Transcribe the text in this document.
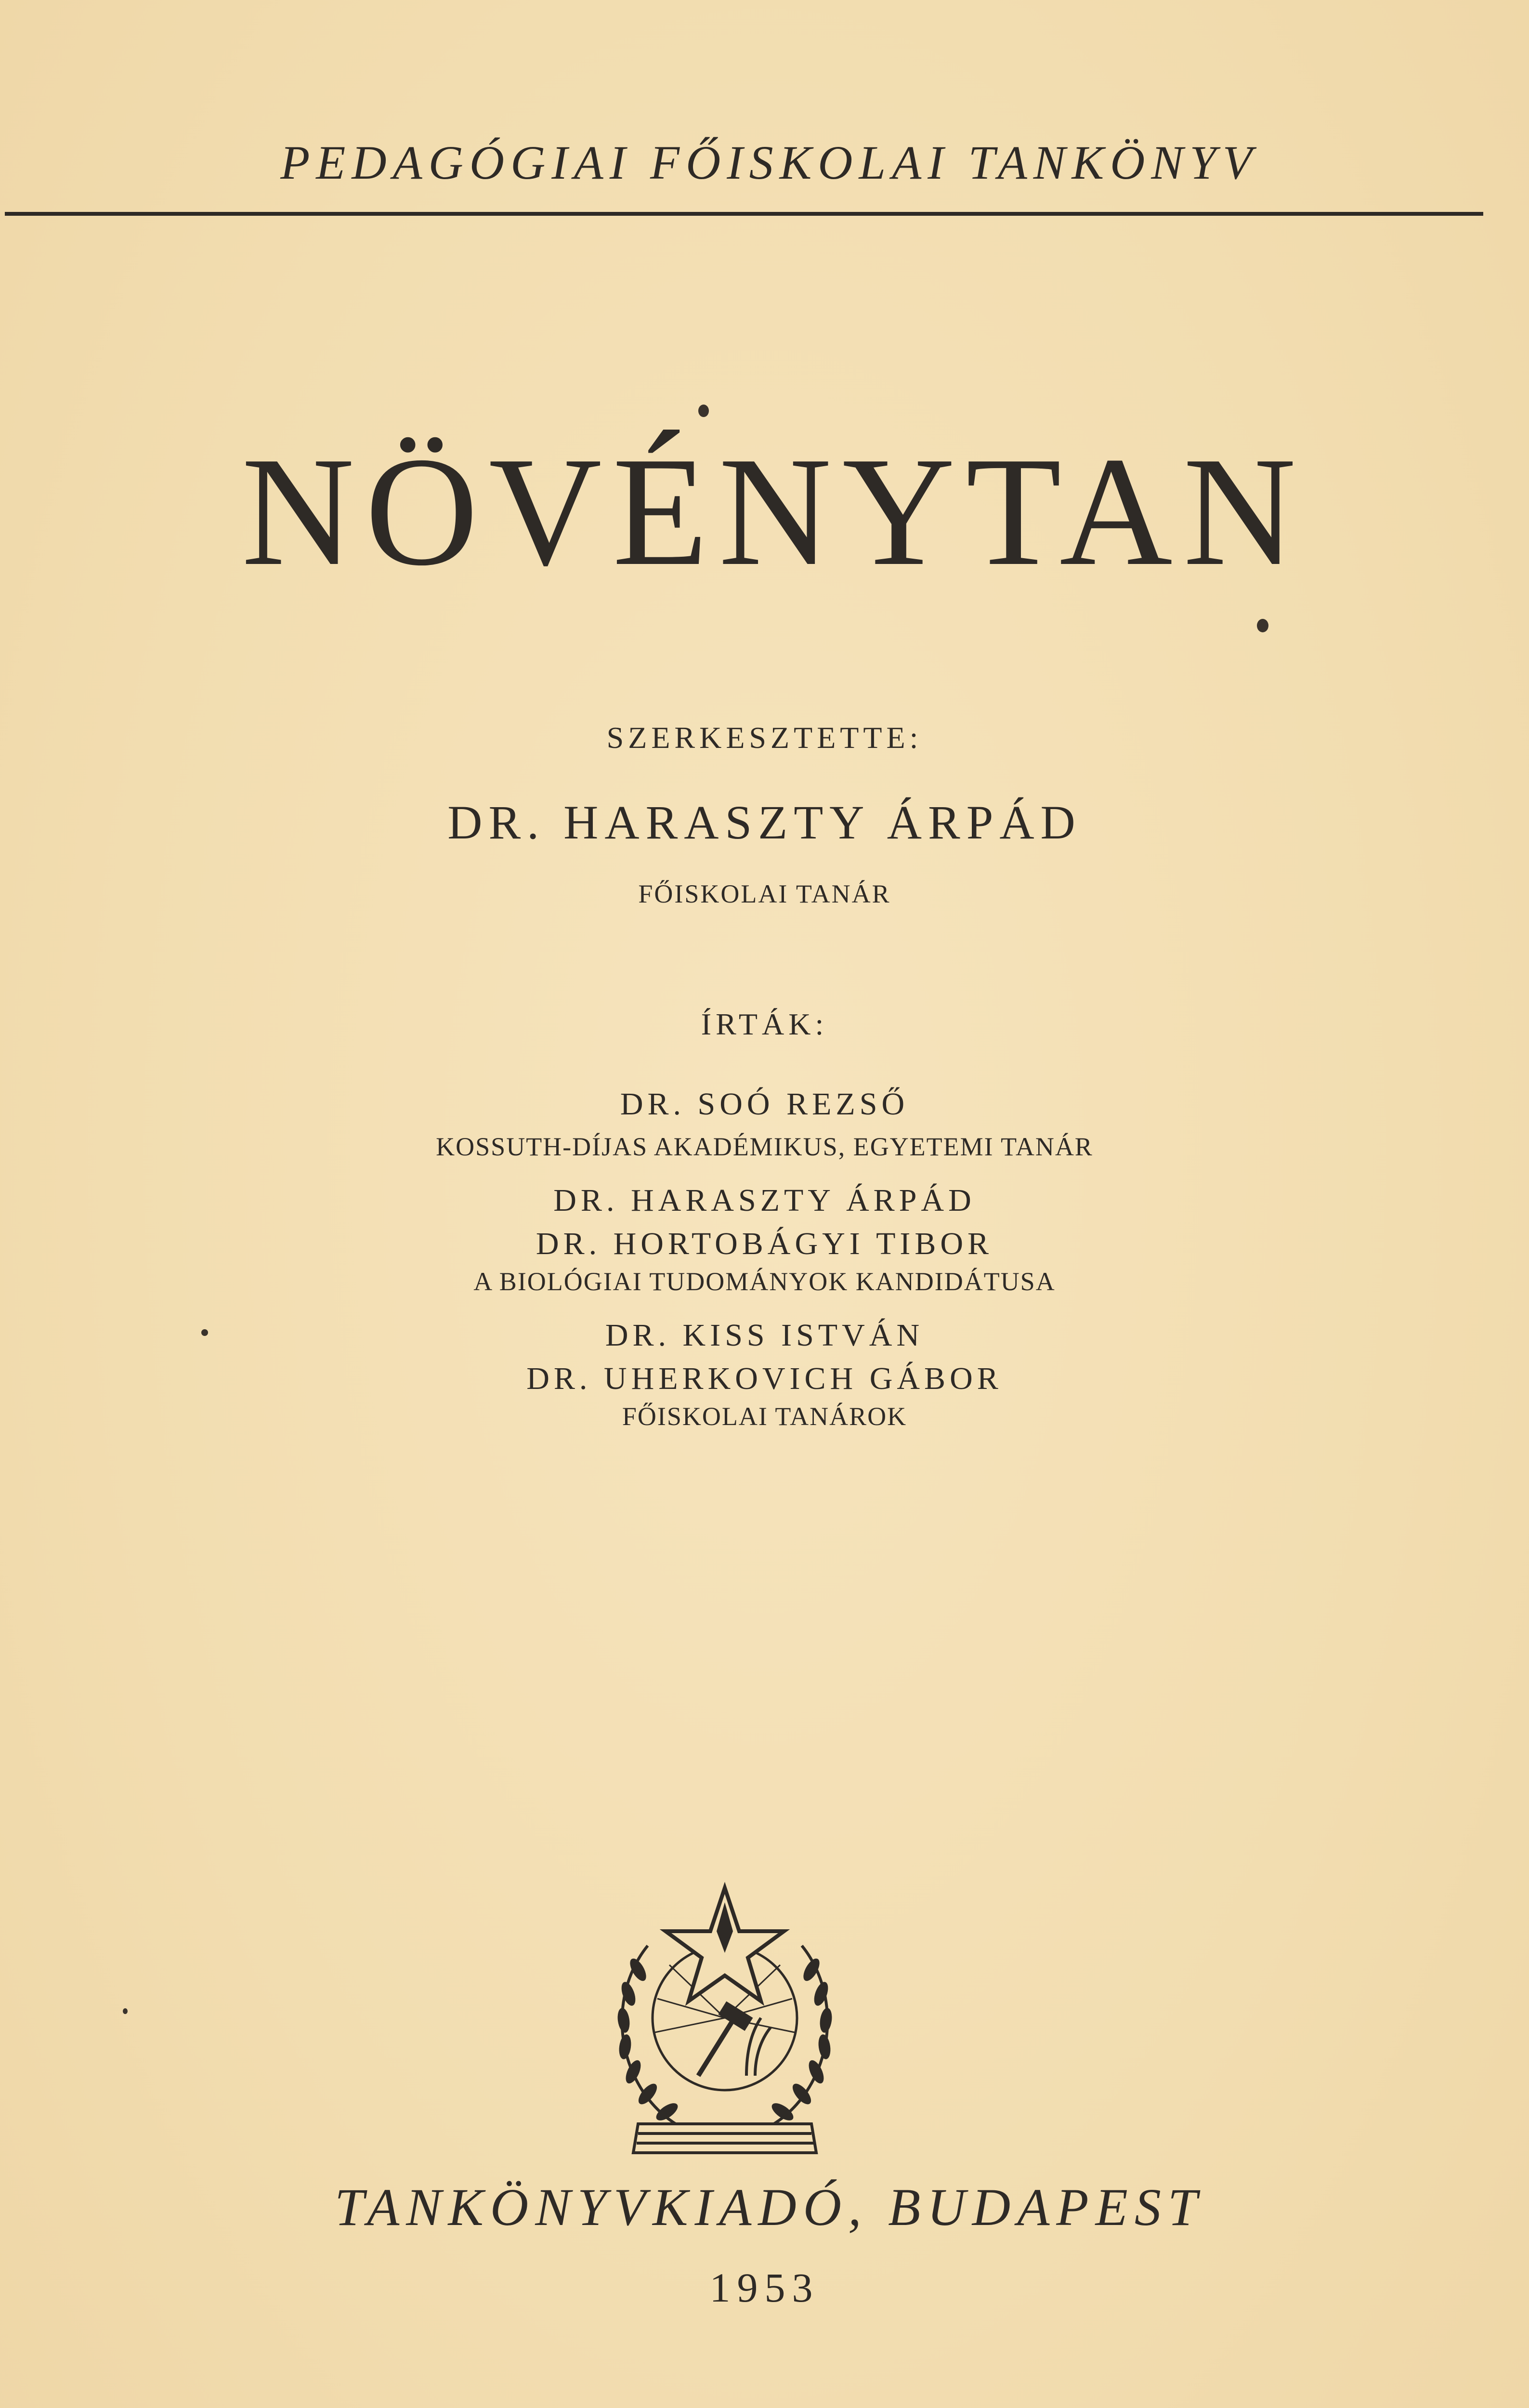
PEDAGÓGIAI FŐISKOLAI TANKÖNYV
NÖVÉNYTAN
SZERKESZTETTE:
DR. HARASZTY ÁRPÁD
FŐISKOLAI TANÁR
ÍRTÁK:
DR. SOÓ REZSŐ
KOSSUTH-DÍJAS AKADÉMIKUS, EGYETEMI TANÁR
DR. HARASZTY ÁRPÁD
DR. HORTOBÁGYI TIBOR
A BIOLÓGIAI TUDOMÁNYOK KANDIDÁTUSA
DR. KISS ISTVÁN
DR. UHERKOVICH GÁBOR
FŐISKOLAI TANÁROK
TANKÖNYVKIADÓ, BUDAPEST
1953
